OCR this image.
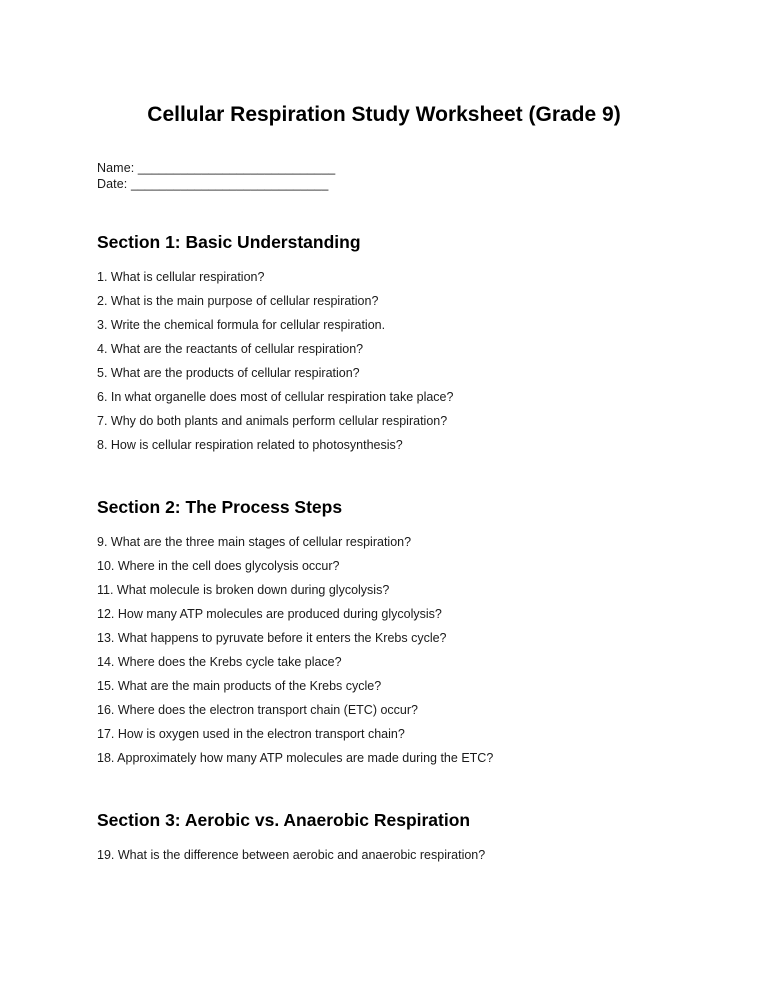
Cellular Respiration Study Worksheet (Grade 9)

Name: ____________________________

Date: ____________________________

Section 1: Basic Understanding

1. What is cellular respiration?

2. What is the main purpose of cellular respiration?

3. Write the chemical formula for cellular respiration.

4. What are the reactants of cellular respiration?

5. What are the products of cellular respiration?

6. In what organelle does most of cellular respiration take place?

7. Why do both plants and animals perform cellular respiration?

8. How is cellular respiration related to photosynthesis?

Section 2: The Process Steps

9. What are the three main stages of cellular respiration?

10. Where in the cell does glycolysis occur?

11. What molecule is broken down during glycolysis?

12. How many ATP molecules are produced during glycolysis?

13. What happens to pyruvate before it enters the Krebs cycle?

14. Where does the Krebs cycle take place?

15. What are the main products of the Krebs cycle?

16. Where does the electron transport chain (ETC) occur?

17. How is oxygen used in the electron transport chain?

18. Approximately how many ATP molecules are made during the ETC?

Section 3: Aerobic vs. Anaerobic Respiration

19. What is the difference between aerobic and anaerobic respiration?
